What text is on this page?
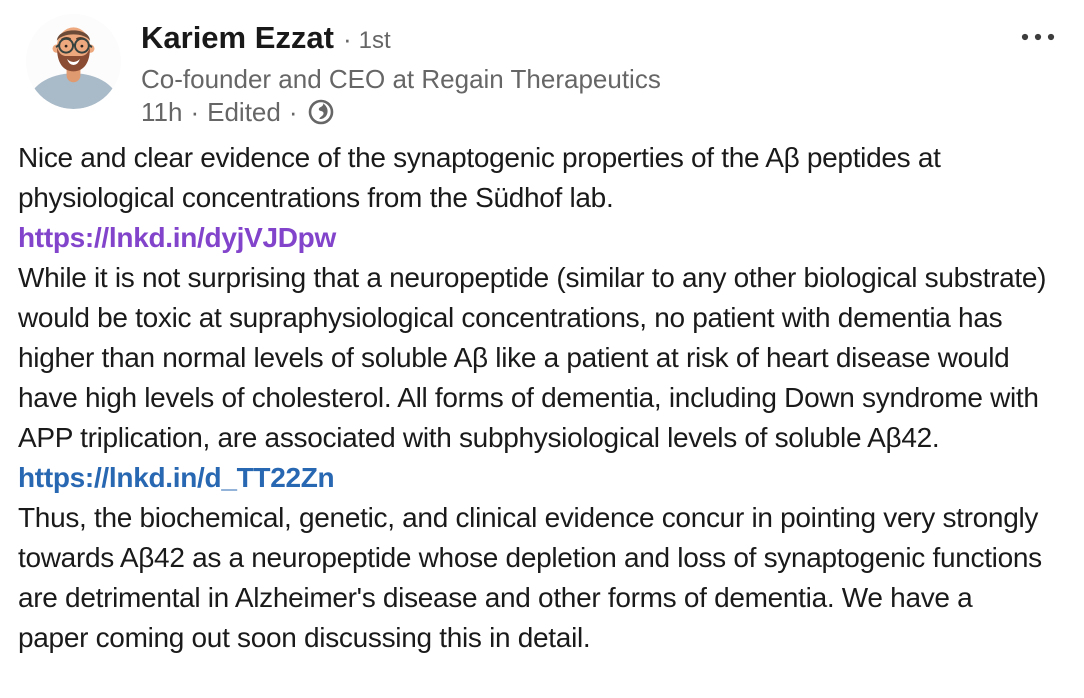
Kariem Ezzat · 1st
Co-founder and CEO at Regain Therapeutics
11h · Edited ·
Nice and clear evidence of the synaptogenic properties of the Aβ peptides at physiological concentrations from the Südhof lab.
https://lnkd.in/dyjVJDpw
While it is not surprising that a neuropeptide (similar to any other biological substrate) would be toxic at supraphysiological concentrations, no patient with dementia has higher than normal levels of soluble Aβ like a patient at risk of heart disease would have high levels of cholesterol. All forms of dementia, including Down syndrome with APP triplication, are associated with subphysiological levels of soluble Aβ42.
https://lnkd.in/d_TT22Zn
Thus, the biochemical, genetic, and clinical evidence concur in pointing very strongly towards Aβ42 as a neuropeptide whose depletion and loss of synaptogenic functions are detrimental in Alzheimer's disease and other forms of dementia. We have a paper coming out soon discussing this in detail.
